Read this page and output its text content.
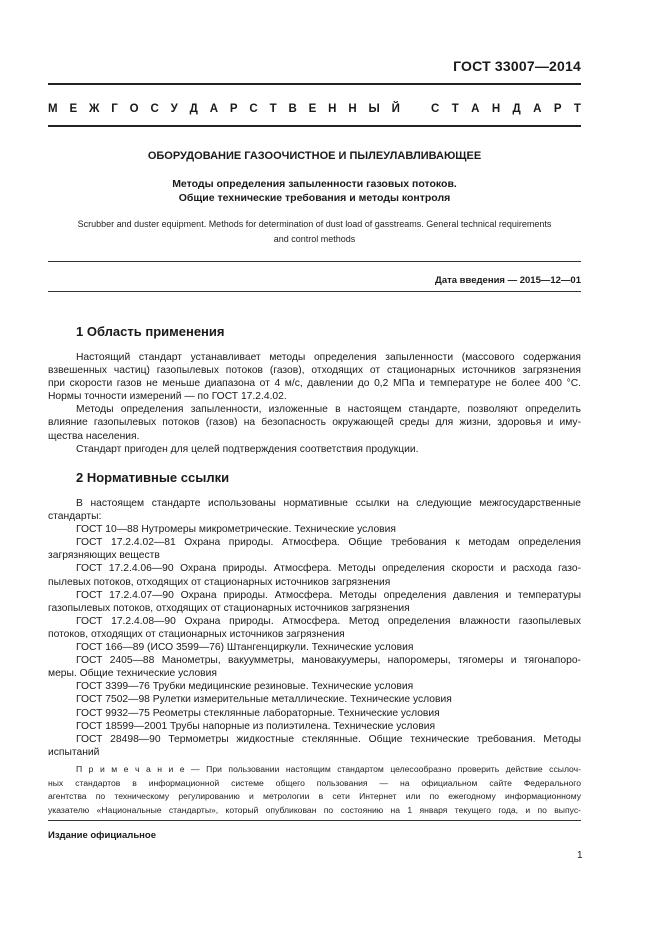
ГОСТ 33007—2014
М Е Ж Г О С У Д А Р С Т В Е Н Н Ы Й	С Т А Н Д А Р Т
ОБОРУДОВАНИЕ ГАЗООЧИСТНОЕ И ПЫЛЕУЛАВЛИВАЮЩЕЕ
Методы определения запыленности газовых потоков.
Общие технические требования и методы контроля
Scrubber and duster equipment. Methods for determination of dust load of gasstreams. General technical requirements
and control methods
Дата введения — 2015—12—01
1 Область применения
Настоящий стандарт устанавливает методы определения запыленности (массового содержания
взвешенных частиц) газопылевых потоков (газов), отходящих от стационарных источников загрязнения
при скорости газов не меньше диапазона от 4 м/с, давлении до 0,2 МПа и температуре не более 400 °С.
Нормы точности измерений — по ГОСТ 17.2.4.02.
Методы определения запыленности, изложенные в настоящем стандарте, позволяют определить
влияние газопылевых потоков (газов) на безопасность окружающей среды для жизни, здоровья и иму-
щества населения.
Стандарт пригоден для целей подтверждения соответствия продукции.
2 Нормативные ссылки
В настоящем стандарте использованы нормативные ссылки на следующие межгосударственные
стандарты:
ГОСТ 10—88 Нутромеры микрометрические. Технические условия
ГОСТ 17.2.4.02—81 Охрана природы. Атмосфера. Общие требования к методам определения
загрязняющих веществ
ГОСТ 17.2.4.06—90 Охрана природы. Атмосфера. Методы определения скорости и расхода газо-
пылевых потоков, отходящих от стационарных источников загрязнения
ГОСТ 17.2.4.07—90 Охрана природы. Атмосфера. Методы определения давления и температуры
газопылевых потоков, отходящих от стационарных источников загрязнения
ГОСТ 17.2.4.08—90 Охрана природы. Атмосфера. Метод определения влажности газопылевых
потоков, отходящих от стационарных источников загрязнения
ГОСТ 166—89 (ИСО 3599—76) Штангенциркули. Технические условия
ГОСТ 2405—88 Манометры, вакуумметры, мановакуумеры, напоромеры, тягомеры и тягонапоро-
меры. Общие технические условия
ГОСТ 3399—76 Трубки медицинские резиновые. Технические условия
ГОСТ 7502—98 Рулетки измерительные металлические. Технические условия
ГОСТ 9932—75 Реометры стеклянные лабораторные. Технические условия
ГОСТ 18599—2001 Трубы напорные из полиэтилена. Технические условия
ГОСТ 28498—90 Термометры жидкостные стеклянные. Общие технические требования. Методы
испытаний
П р и м е ч а н и е — При пользовании настоящим стандартом целесообразно проверить действие ссылоч-
ных стандартов в информационной системе общего пользования — на официальном сайте Федерального
агентства по техническому регулированию и метрологии в сети Интернет или по ежегодному информационному
указателю «Национальные стандарты», который опубликован по состоянию на 1 января текущего года, и по выпус-
Издание официальное
1
